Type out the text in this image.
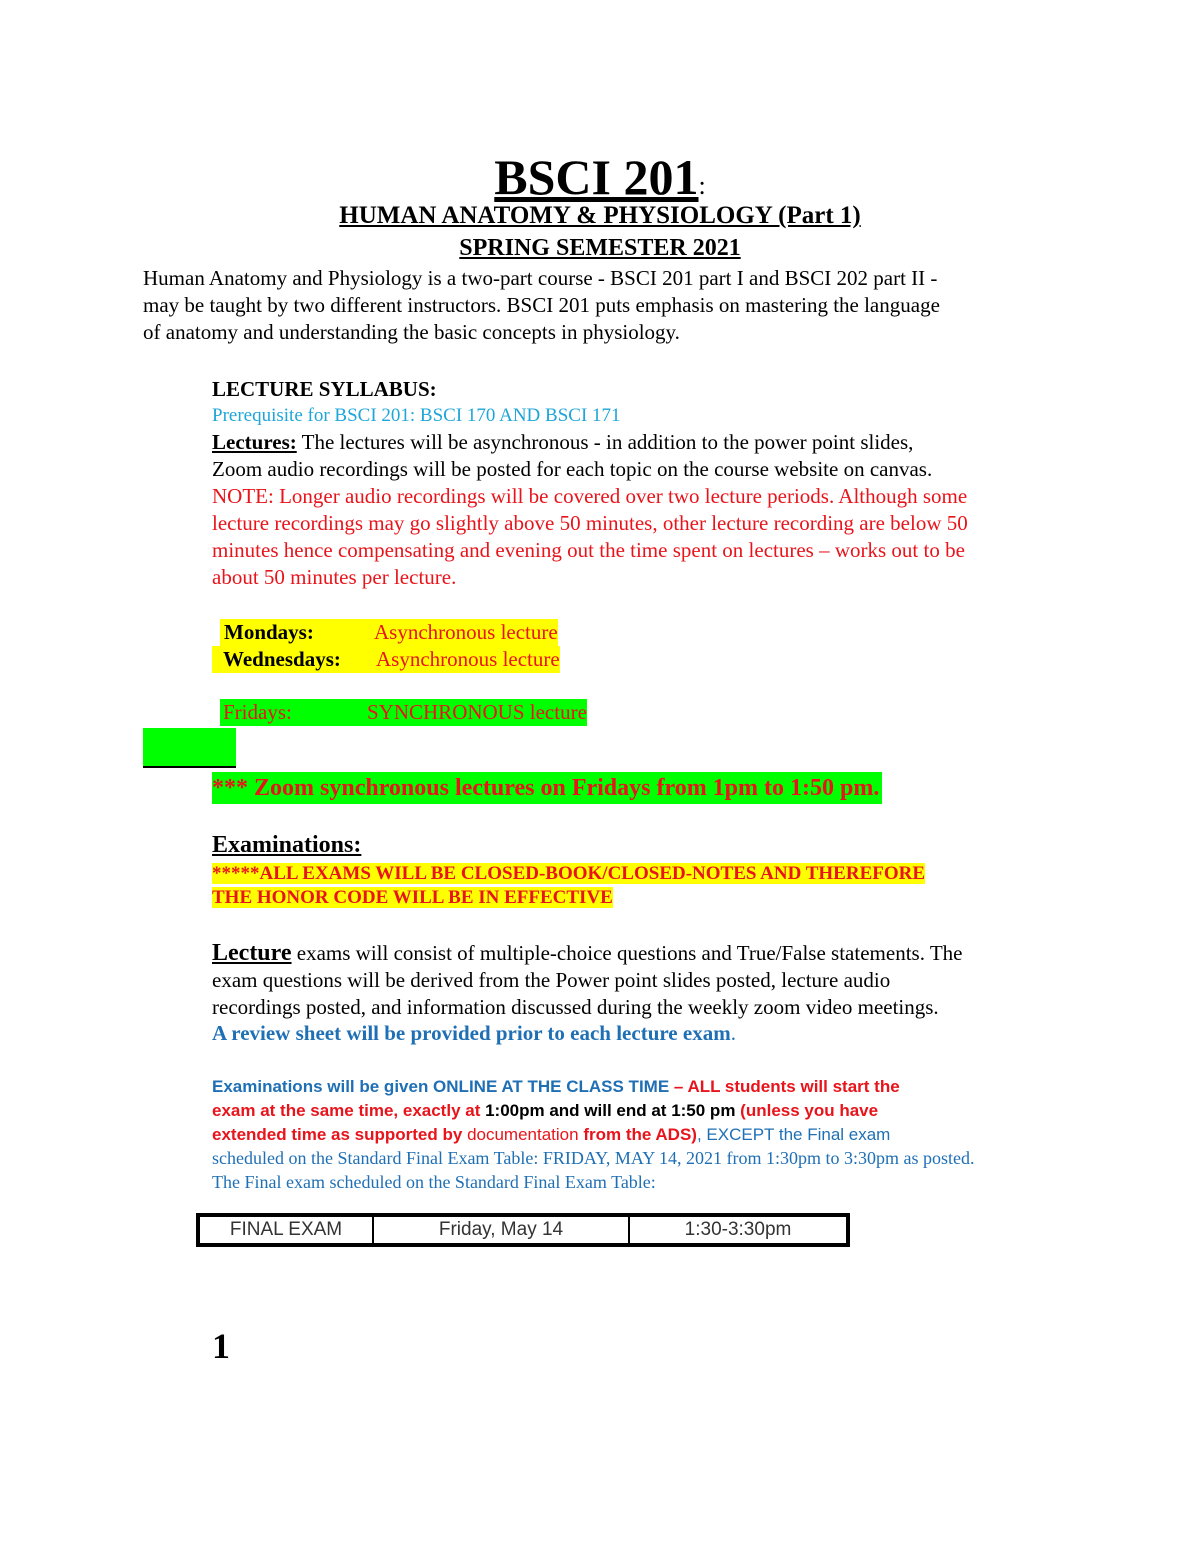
BSCI 201:
HUMAN ANATOMY & PHYSIOLOGY (Part 1)
SPRING SEMESTER 2021
Human Anatomy and Physiology is a two-part course - BSCI 201 part I and BSCI 202 part II -
may be taught by two different instructors. BSCI 201 puts emphasis on mastering the language
of anatomy and understanding the basic concepts in physiology.
LECTURE SYLLABUS:
Prerequisite for BSCI 201: BSCI 170 AND BSCI 171
Lectures: The lectures will be asynchronous - in addition to the power point slides,
Zoom audio recordings will be posted for each topic on the course website on canvas.
NOTE: Longer audio recordings will be covered over two lecture periods. Although some
lecture recordings may go slightly above 50 minutes, other lecture recording are below 50
minutes hence compensating and evening out the time spent on lectures – works out to be
about 50 minutes per lecture.
Mondays:	Asynchronous lecture
Wednesdays: Asynchronous lecture
Fridays:	SYNCHRONOUS lecture
*** Zoom synchronous lectures on Fridays from 1pm to 1:50 pm.
Examinations:
*****ALL EXAMS WILL BE CLOSED-BOOK/CLOSED-NOTES AND THEREFORE
THE HONOR CODE WILL BE IN EFFECTIVE
Lecture exams will consist of multiple-choice questions and True/False statements. The
exam questions will be derived from the Power point slides posted, lecture audio
recordings posted, and information discussed during the weekly zoom video meetings.
A review sheet will be provided prior to each lecture exam.
Examinations will be given ONLINE AT THE CLASS TIME – ALL students will start the
exam at the same time, exactly at 1:00pm and will end at 1:50 pm (unless you have
extended time as supported by documentation from the ADS), EXCEPT the Final exam
scheduled on the Standard Final Exam Table: FRIDAY, MAY 14, 2021 from 1:30pm to 3:30pm as posted.
The Final exam scheduled on the Standard Final Exam Table:
FINAL EXAM	Friday, May 14	1:30-3:30pm
1
